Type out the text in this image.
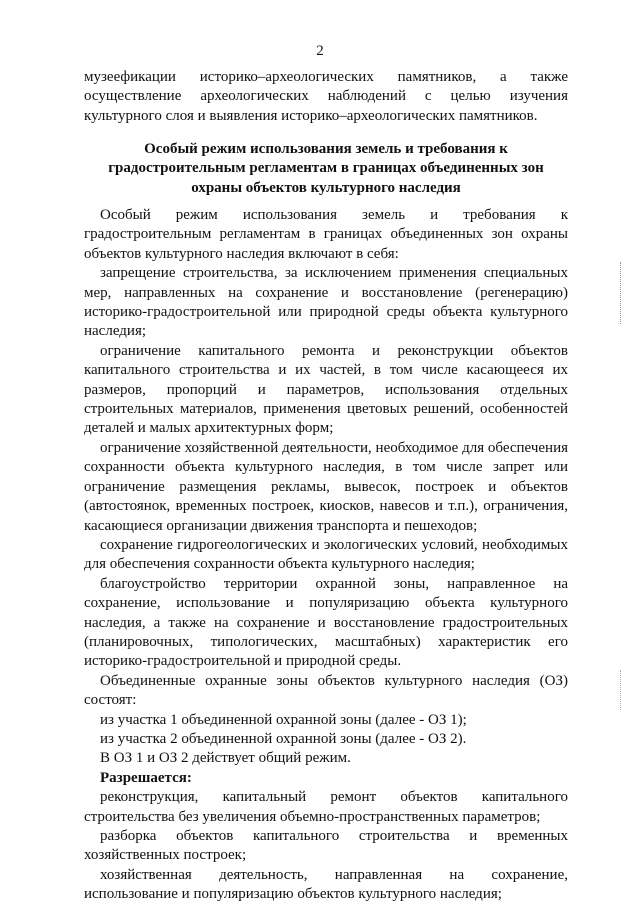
2

музеефикации историко–археологических памятников, а также осуществление археологических наблюдений с целью изучения культурного слоя и выявления историко–археологических памятников.

Особый режим использования земель и требования к градостроительным регламентам в границах объединенных зон охраны объектов культурного наследия

Особый режим использования земель и требования к градостроительным регламентам в границах объединенных зон охраны объектов культурного наследия включают в себя:

запрещение строительства, за исключением применения специальных мер, направленных на сохранение и восстановление (регенерацию) историко-градостроительной или природной среды объекта культурного наследия;

ограничение капитального ремонта и реконструкции объектов капитального строительства и их частей, в том числе касающееся их размеров, пропорций и параметров, использования отдельных строительных материалов, применения цветовых решений, особенностей деталей и малых архитектурных форм;

ограничение хозяйственной деятельности, необходимое для обеспечения сохранности объекта культурного наследия, в том числе запрет или ограничение размещения рекламы, вывесок, построек и объектов (автостоянок, временных построек, киосков, навесов и т.п.), ограничения, касающиеся организации движения транспорта и пешеходов;

сохранение гидрогеологических и экологических условий, необходимых для обеспечения сохранности объекта культурного наследия;

благоустройство территории охранной зоны, направленное на сохранение, использование и популяризацию объекта культурного наследия, а также на сохранение и восстановление градостроительных (планировочных, типологических, масштабных) характеристик его историко-градостроительной и природной среды.

Объединенные охранные зоны объектов культурного наследия (ОЗ) состоят:

из участка 1 объединенной охранной зоны (далее - ОЗ 1);

из участка 2 объединенной охранной зоны (далее - ОЗ 2).

В ОЗ 1 и ОЗ 2 действует общий режим.

Разрешается:

реконструкция, капитальный ремонт объектов капитального строительства без увеличения объемно-пространственных параметров;

разборка объектов капитального строительства и временных хозяйственных построек;

хозяйственная деятельность, направленная на сохранение, использование и популяризацию объектов культурного наследия;
